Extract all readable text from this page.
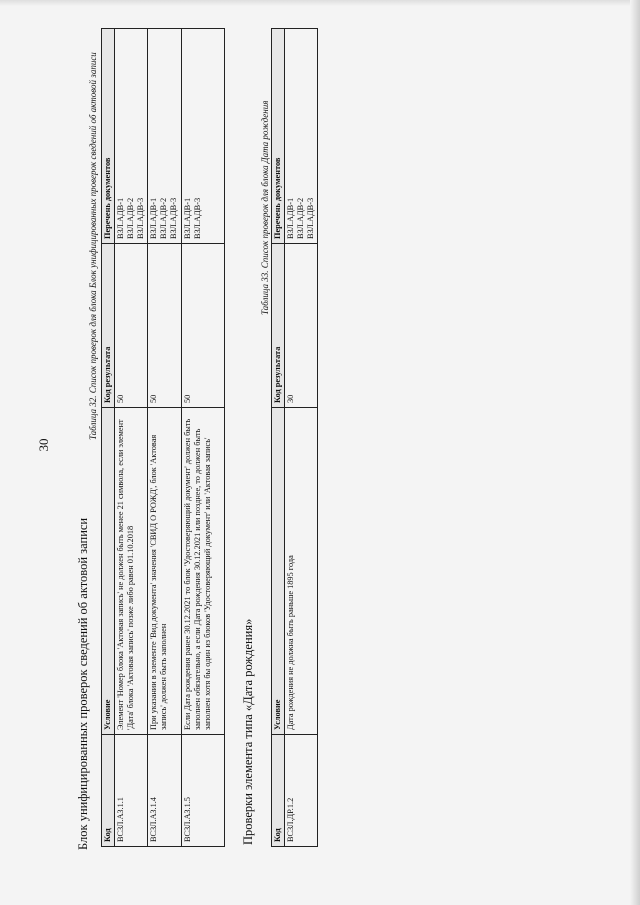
30
Блок унифицированных проверок сведений об актовой записи
Таблица 32. Список проверок для блока Блок унифицированных проверок сведений об актовой записи
Код	Условие	Код результата	Перечень документов
ВСЗЛ.АЗ.1.1	Элемент 'Номер блока 'Актовая запись' не должен быть менее 21 символа, если элемент 'Дата' блока 'Актовая запись' позже либо равен 01.10.2018	50	ВЗЛ.АДВ-1 ВЗЛ.АДВ-2 ВЗЛ.АДВ-3

ВСЗЛ.АЗ.1.4	При указании в элементе 'Вид документа' значения 'СВИД О РОЖД', блок 'Актовая запись' должен быть заполнен	50	ВЗЛ.АДВ-1 ВЗЛ.АДВ-2 ВЗЛ.АДВ-3

ВСЗЛ.АЗ.1.5	Если Дата рождения ранее 30.12.2021 то блок 'Удостоверяющий документ' должен быть заполнен обязательно, а если Дата рождения 30.12.2021 или позднее, то должен быть заполнен хотя бы один из блоков 'Удостоверяющий документ' или 'Актовая запись'	50	ВЗЛ.АДВ-1 ВЗЛ.АДВ-3
Проверки элемента типа «Дата рождения»
Таблица 33. Список проверок для блока Дата рождения
Код	Условие	Код результата	Перечень документов
ВСЗЛ.ДР.1.2	Дата рождения не должна быть раньше 1895 года	30	ВЗЛ.АДВ-1 ВЗЛ.АДВ-2 ВЗЛ.АДВ-3
